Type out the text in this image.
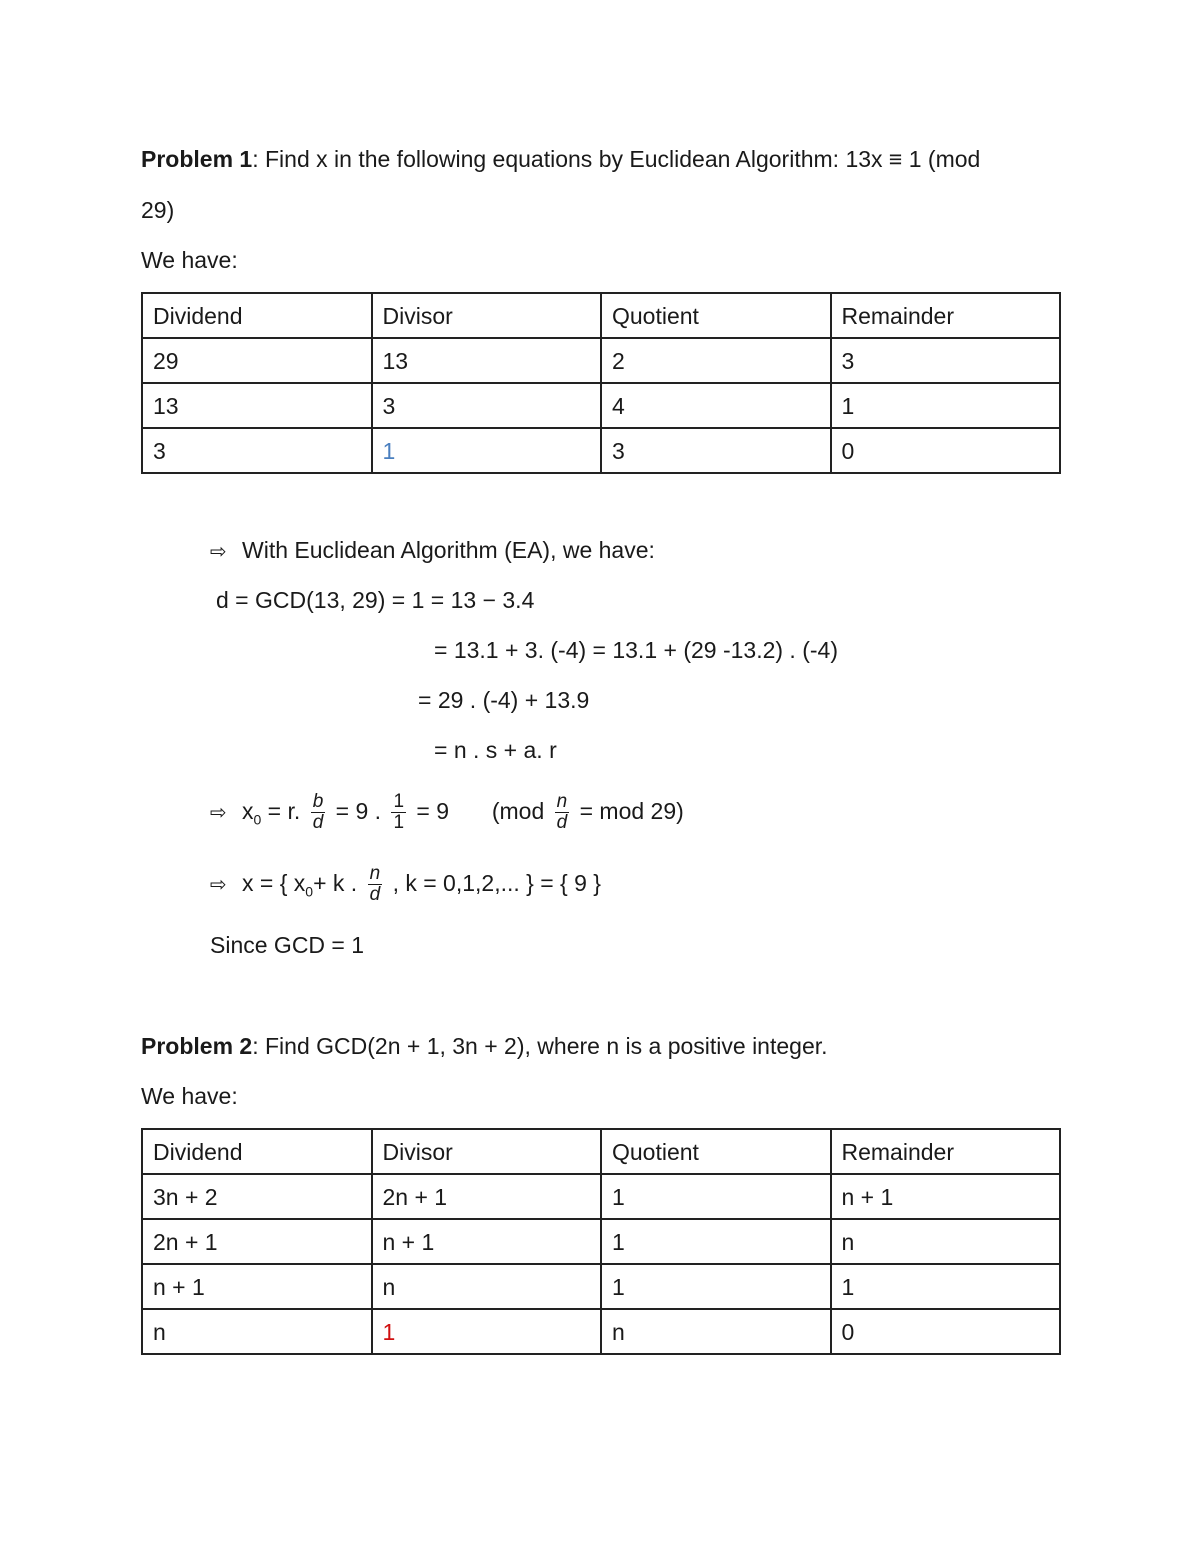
Problem 1: Find x in the following equations by Euclidean Algorithm: 13x ≡ 1 (mod
29)
We have:
Dividend	Divisor	Quotient	Remainder
29	13	2	3
13	3	4	1
3	1	3	0
⇨ With Euclidean Algorithm (EA), we have:
d = GCD(13, 29) = 1 = 13 − 3.4
= 13.1 + 3. (-4) = 13.1 + (29 -13.2) . (-4)
= 29 . (-4) + 13.9
= n . s + a. r
⇨ $x_0 = r$. $\frac{b}{d} = 9$ . $\frac{1}{1} = 9$ ($mod \frac{n}{d}$ = mod 29)
⇨ x = { $x_0+ k$ . $\frac{n}{d}$ , k = 0,1,2,... } = { 9 }
Since GCD = 1
Problem 2: Find GCD(2n + 1, 3n + 2), where n is a positive integer.
We have:
Dividend	Divisor	Quotient	Remainder
3n + 2	2n + 1	1	n + 1
2n + 1	n + 1	1	n
n + 1	n	1	1
n	1	n	0
